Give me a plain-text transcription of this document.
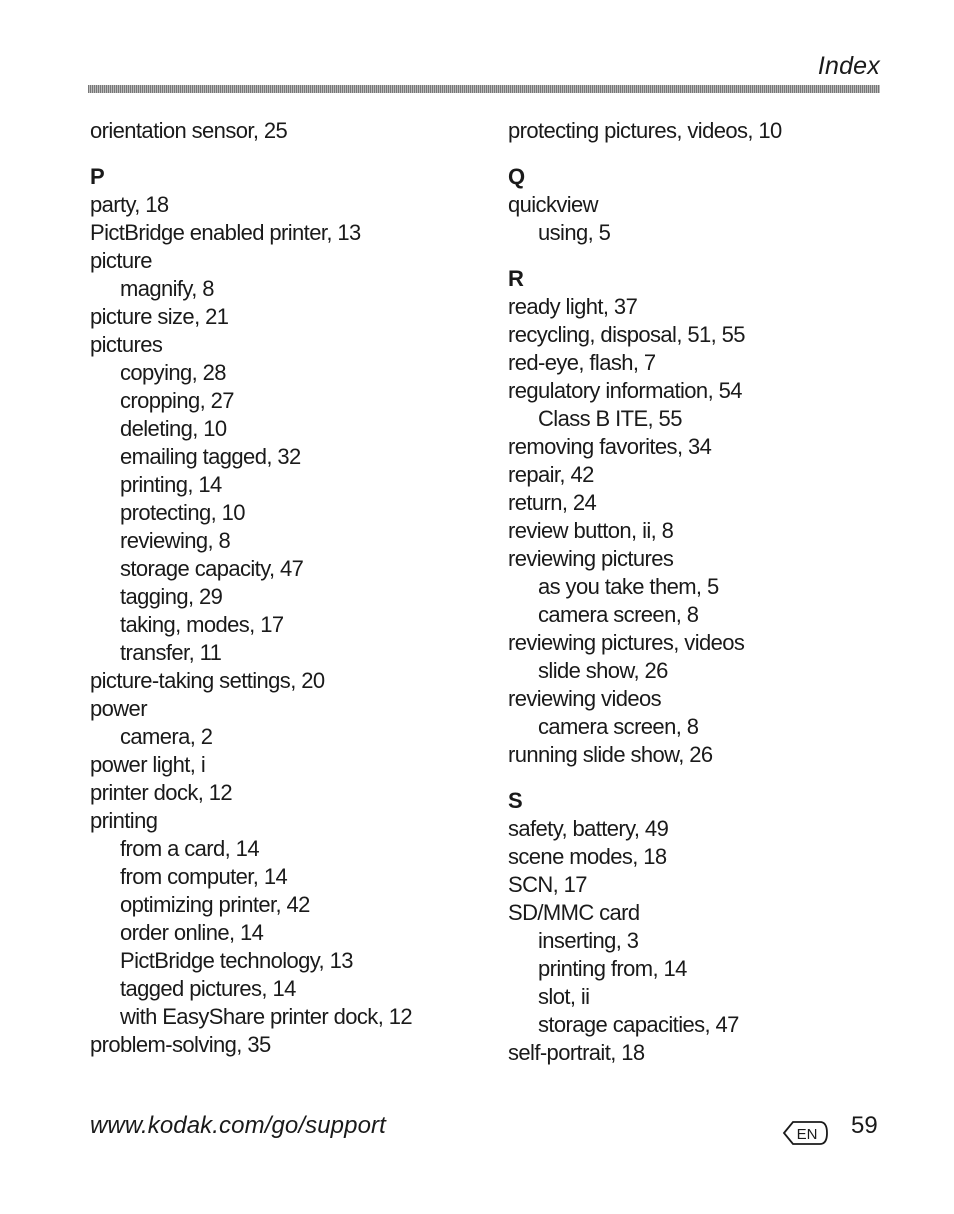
Index
orientation sensor, 25
P
party, 18
PictBridge enabled printer, 13
picture
magnify, 8
picture size, 21
pictures
copying, 28
cropping, 27
deleting, 10
emailing tagged, 32
printing, 14
protecting, 10
reviewing, 8
storage capacity, 47
tagging, 29
taking, modes, 17
transfer, 11
picture-taking settings, 20
power
camera, 2
power light, i
printer dock, 12
printing
from a card, 14
from computer, 14
optimizing printer, 42
order online, 14
PictBridge technology, 13
tagged pictures, 14
with EasyShare printer dock, 12
problem-solving, 35
protecting pictures, videos, 10
Q
quickview
using, 5
R
ready light, 37
recycling, disposal, 51, 55
red-eye, flash, 7
regulatory information, 54
Class B ITE, 55
removing favorites, 34
repair, 42
return, 24
review button, ii, 8
reviewing pictures
as you take them, 5
camera screen, 8
reviewing pictures, videos
slide show, 26
reviewing videos
camera screen, 8
running slide show, 26
S
safety, battery, 49
scene modes, 18
SCN, 17
SD/MMC card
inserting, 3
printing from, 14
slot, ii
storage capacities, 47
self-portrait, 18
www.kodak.com/go/support	EN 59
